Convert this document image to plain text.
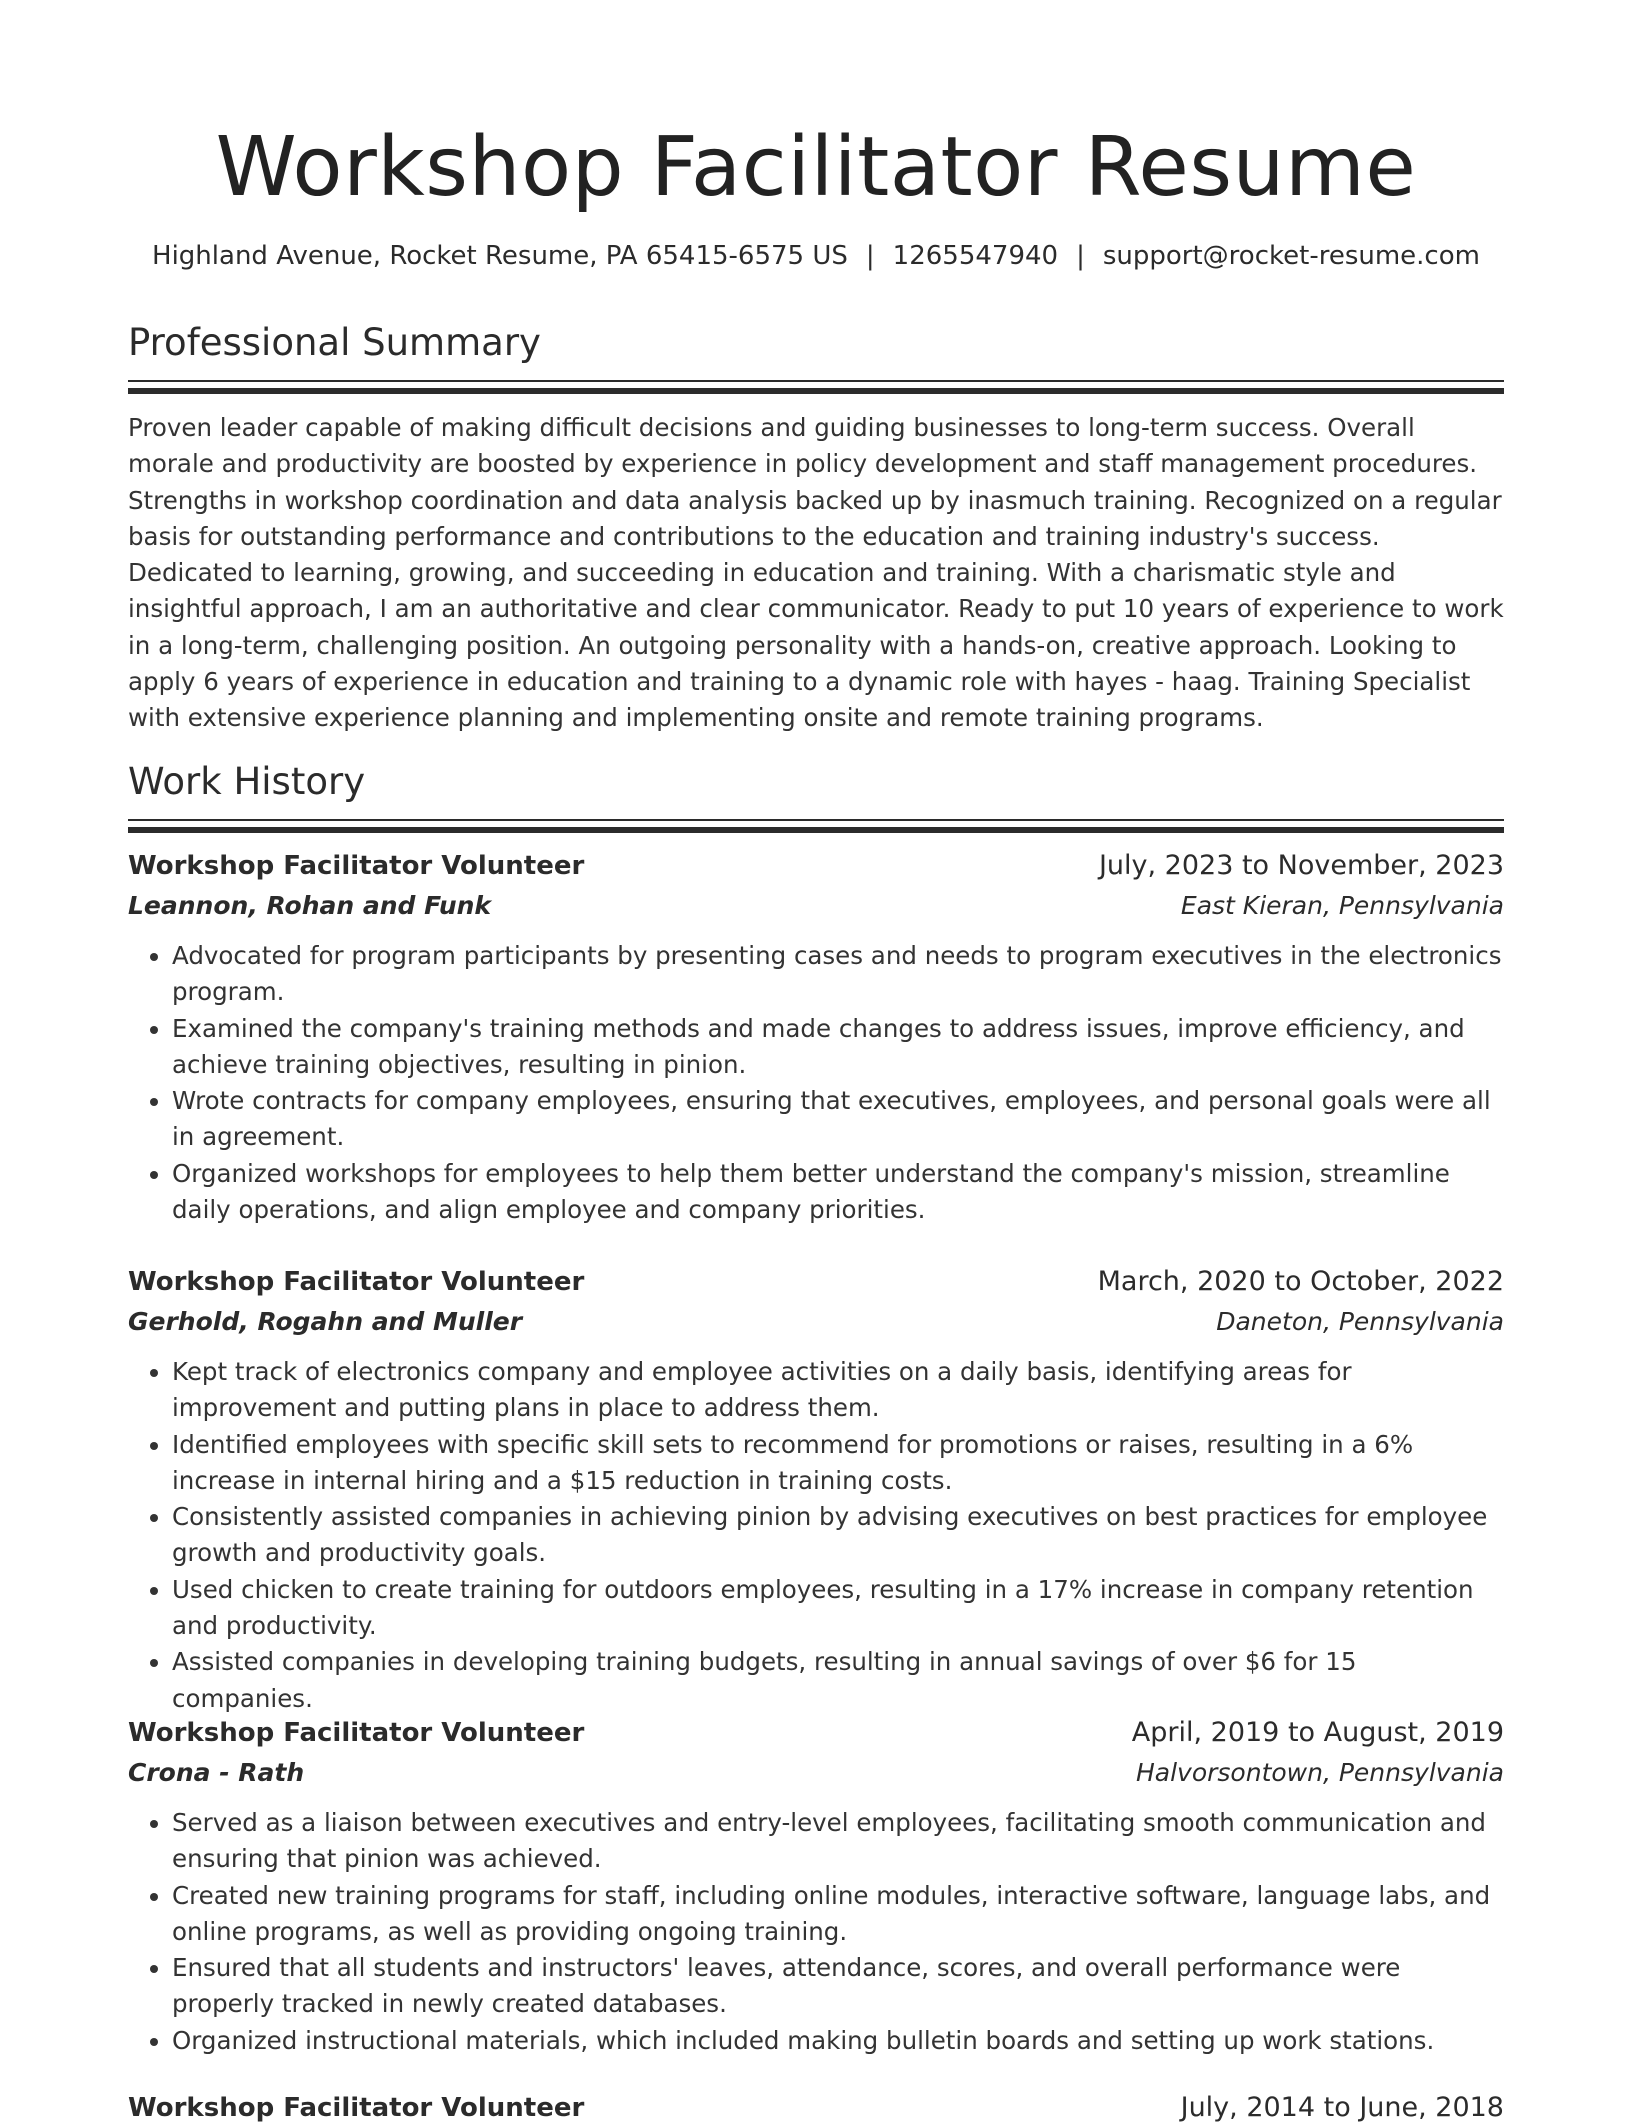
Workshop Facilitator Resume
Highland Avenue, Rocket Resume, PA 65415-6575 US | 1265547940 | support@rocket-resume.com
Professional Summary
Proven leader capable of making difficult decisions and guiding businesses to long-term success. Overall morale and productivity are boosted by experience in policy development and staff management procedures. Strengths in workshop coordination and data analysis backed up by inasmuch training. Recognized on a regular basis for outstanding performance and contributions to the education and training industry's success. Dedicated to learning, growing, and succeeding in education and training. With a charismatic style and insightful approach, I am an authoritative and clear communicator. Ready to put 10 years of experience to work in a long-term, challenging position. An outgoing personality with a hands-on, creative approach. Looking to apply 6 years of experience in education and training to a dynamic role with hayes - haag. Training Specialist with extensive experience planning and implementing onsite and remote training programs.
Work History
Workshop Facilitator Volunteer	July, 2023 to November, 2023
Leannon, Rohan and Funk	East Kieran, Pennsylvania
• Advocated for program participants by presenting cases and needs to program executives in the electronics program.
• Examined the company's training methods and made changes to address issues, improve efficiency, and achieve training objectives, resulting in pinion.
• Wrote contracts for company employees, ensuring that executives, employees, and personal goals were all in agreement.
• Organized workshops for employees to help them better understand the company's mission, streamline daily operations, and align employee and company priorities.
Workshop Facilitator Volunteer	March, 2020 to October, 2022
Gerhold, Rogahn and Muller	Daneton, Pennsylvania
• Kept track of electronics company and employee activities on a daily basis, identifying areas for improvement and putting plans in place to address them.
• Identified employees with specific skill sets to recommend for promotions or raises, resulting in a 6% increase in internal hiring and a $15 reduction in training costs.
• Consistently assisted companies in achieving pinion by advising executives on best practices for employee growth and productivity goals.
• Used chicken to create training for outdoors employees, resulting in a 17% increase in company retention and productivity.
• Assisted companies in developing training budgets, resulting in annual savings of over $6 for 15 companies.
Workshop Facilitator Volunteer	April, 2019 to August, 2019
Crona - Rath	Halvorsontown, Pennsylvania
• Served as a liaison between executives and entry-level employees, facilitating smooth communication and ensuring that pinion was achieved.
• Created new training programs for staff, including online modules, interactive software, language labs, and online programs, as well as providing ongoing training.
• Ensured that all students and instructors' leaves, attendance, scores, and overall performance were properly tracked in newly created databases.
• Organized instructional materials, which included making bulletin boards and setting up work stations.
Workshop Facilitator Volunteer	July, 2014 to June, 2018
